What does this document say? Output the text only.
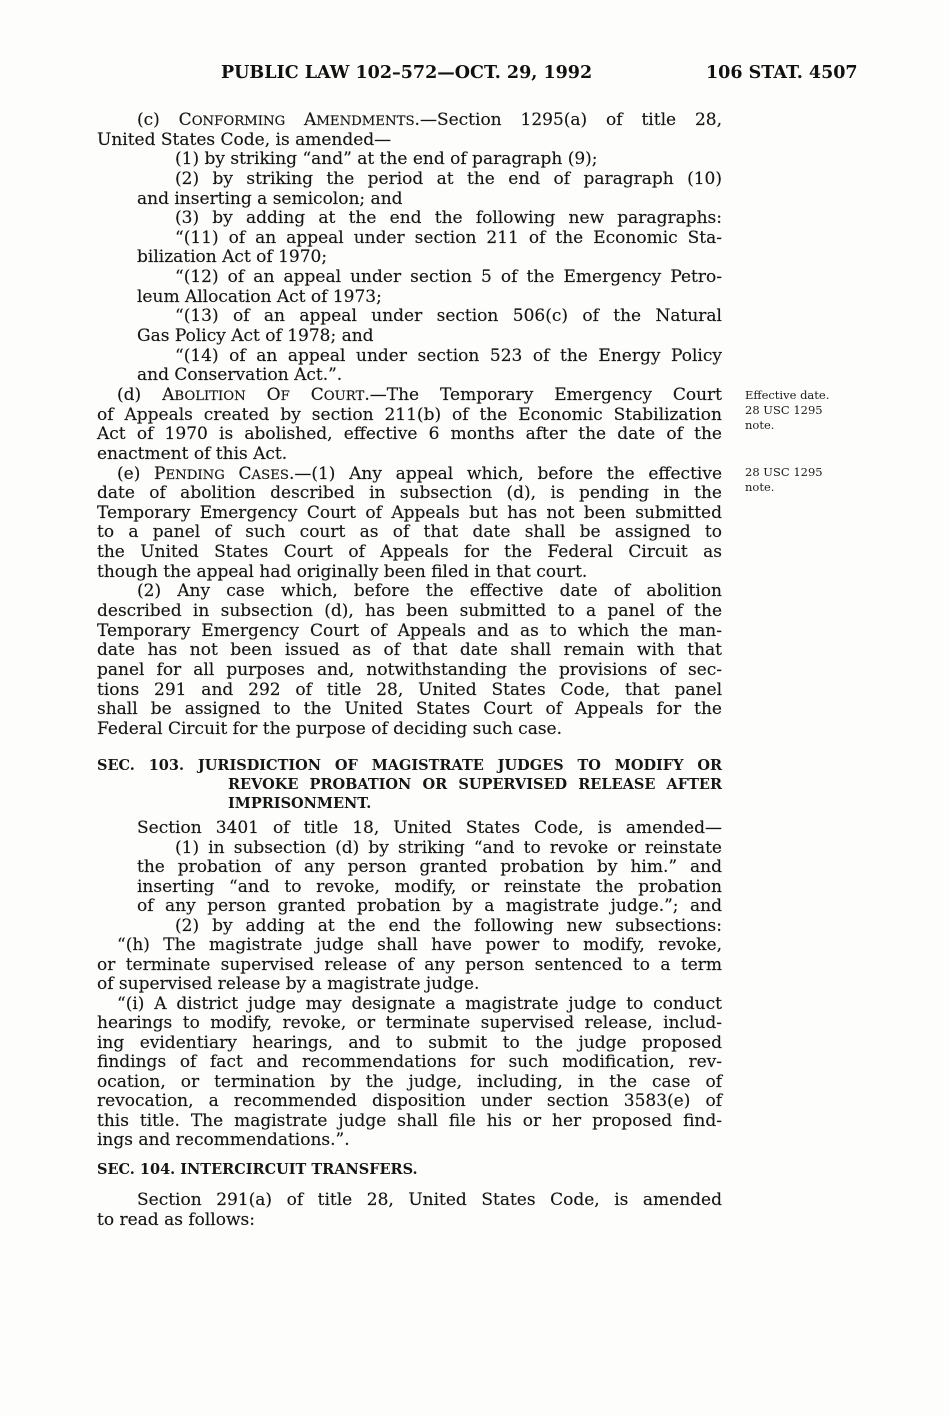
PUBLIC LAW 102–572—OCT. 29, 1992	106 STAT. 4507
Effective date.
28 USC 1295
note.
28 USC 1295
note.
(c) CONFORMING AMENDMENTS.—Section 1295(a) of title 28,
United States Code, is amended—
(1) by striking “and” at the end of paragraph (9);
(2) by striking the period at the end of paragraph (10)
and inserting a semicolon; and
(3) by adding at the end the following new paragraphs:
“(11) of an appeal under section 211 of the Economic Sta-
bilization Act of 1970;
“(12) of an appeal under section 5 of the Emergency Petro-
leum Allocation Act of 1973;
“(13) of an appeal under section 506(c) of the Natural
Gas Policy Act of 1978; and
“(14) of an appeal under section 523 of the Energy Policy
and Conservation Act.”.
(d) ABOLITION OF COURT.—The Temporary Emergency Court
of Appeals created by section 211(b) of the Economic Stabilization
Act of 1970 is abolished, effective 6 months after the date of the
enactment of this Act.
(e) PENDING CASES.—(1) Any appeal which, before the effective
date of abolition described in subsection (d), is pending in the
Temporary Emergency Court of Appeals but has not been submitted
to a panel of such court as of that date shall be assigned to
the United States Court of Appeals for the Federal Circuit as
though the appeal had originally been filed in that court.
(2) Any case which, before the effective date of abolition
described in subsection (d), has been submitted to a panel of the
Temporary Emergency Court of Appeals and as to which the man-
date has not been issued as of that date shall remain with that
panel for all purposes and, notwithstanding the provisions of sec-
tions 291 and 292 of title 28, United States Code, that panel
shall be assigned to the United States Court of Appeals for the
Federal Circuit for the purpose of deciding such case.
SEC. 103. JURISDICTION OF MAGISTRATE JUDGES TO MODIFY OR
REVOKE PROBATION OR SUPERVISED RELEASE AFTER
IMPRISONMENT.
Section 3401 of title 18, United States Code, is amended—
(1) in subsection (d) by striking “and to revoke or reinstate
the probation of any person granted probation by him.” and
inserting “and to revoke, modify, or reinstate the probation
of any person granted probation by a magistrate judge.”; and
(2) by adding at the end the following new subsections:
“(h) The magistrate judge shall have power to modify, revoke,
or terminate supervised release of any person sentenced to a term
of supervised release by a magistrate judge.
“(i) A district judge may designate a magistrate judge to conduct
hearings to modify, revoke, or terminate supervised release, includ-
ing evidentiary hearings, and to submit to the judge proposed
findings of fact and recommendations for such modification, rev-
ocation, or termination by the judge, including, in the case of
revocation, a recommended disposition under section 3583(e) of
this title. The magistrate judge shall file his or her proposed find-
ings and recommendations.”.
SEC. 104. INTERCIRCUIT TRANSFERS.
Section 291(a) of title 28, United States Code, is amended
to read as follows:
